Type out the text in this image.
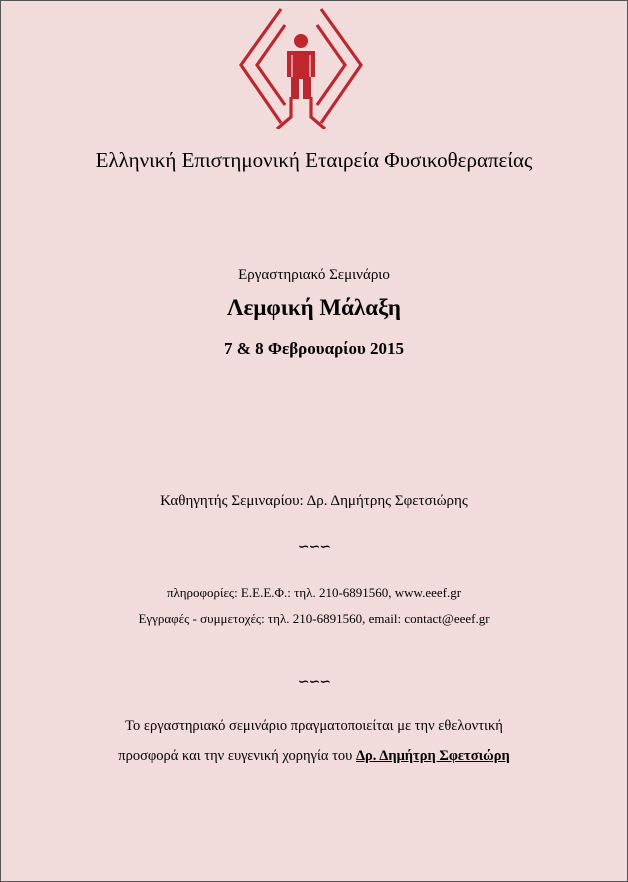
Ελληνική Επιστημονική Εταιρεία Φυσικοθεραπείας
Εργαστηριακό Σεμινάριο
Λεμφική Μάλαξη
7 & 8 Φεβρουαρίου 2015
Καθηγητής Σεμιναρίου: Δρ. Δημήτρης Σφετσιώρης
∽∽∽
πληροφορίες: Ε.Ε.Ε.Φ.: τηλ. 210-6891560, www.eeef.gr
Εγγραφές - συμμετοχές: τηλ. 210-6891560, email: contact@eeef.gr
∽∽∽
Το εργαστηριακό σεμινάριο πραγματοποιείται με την εθελοντική
προσφορά και την ευγενική χορηγία του Δρ. Δημήτρη Σφετσιώρη
